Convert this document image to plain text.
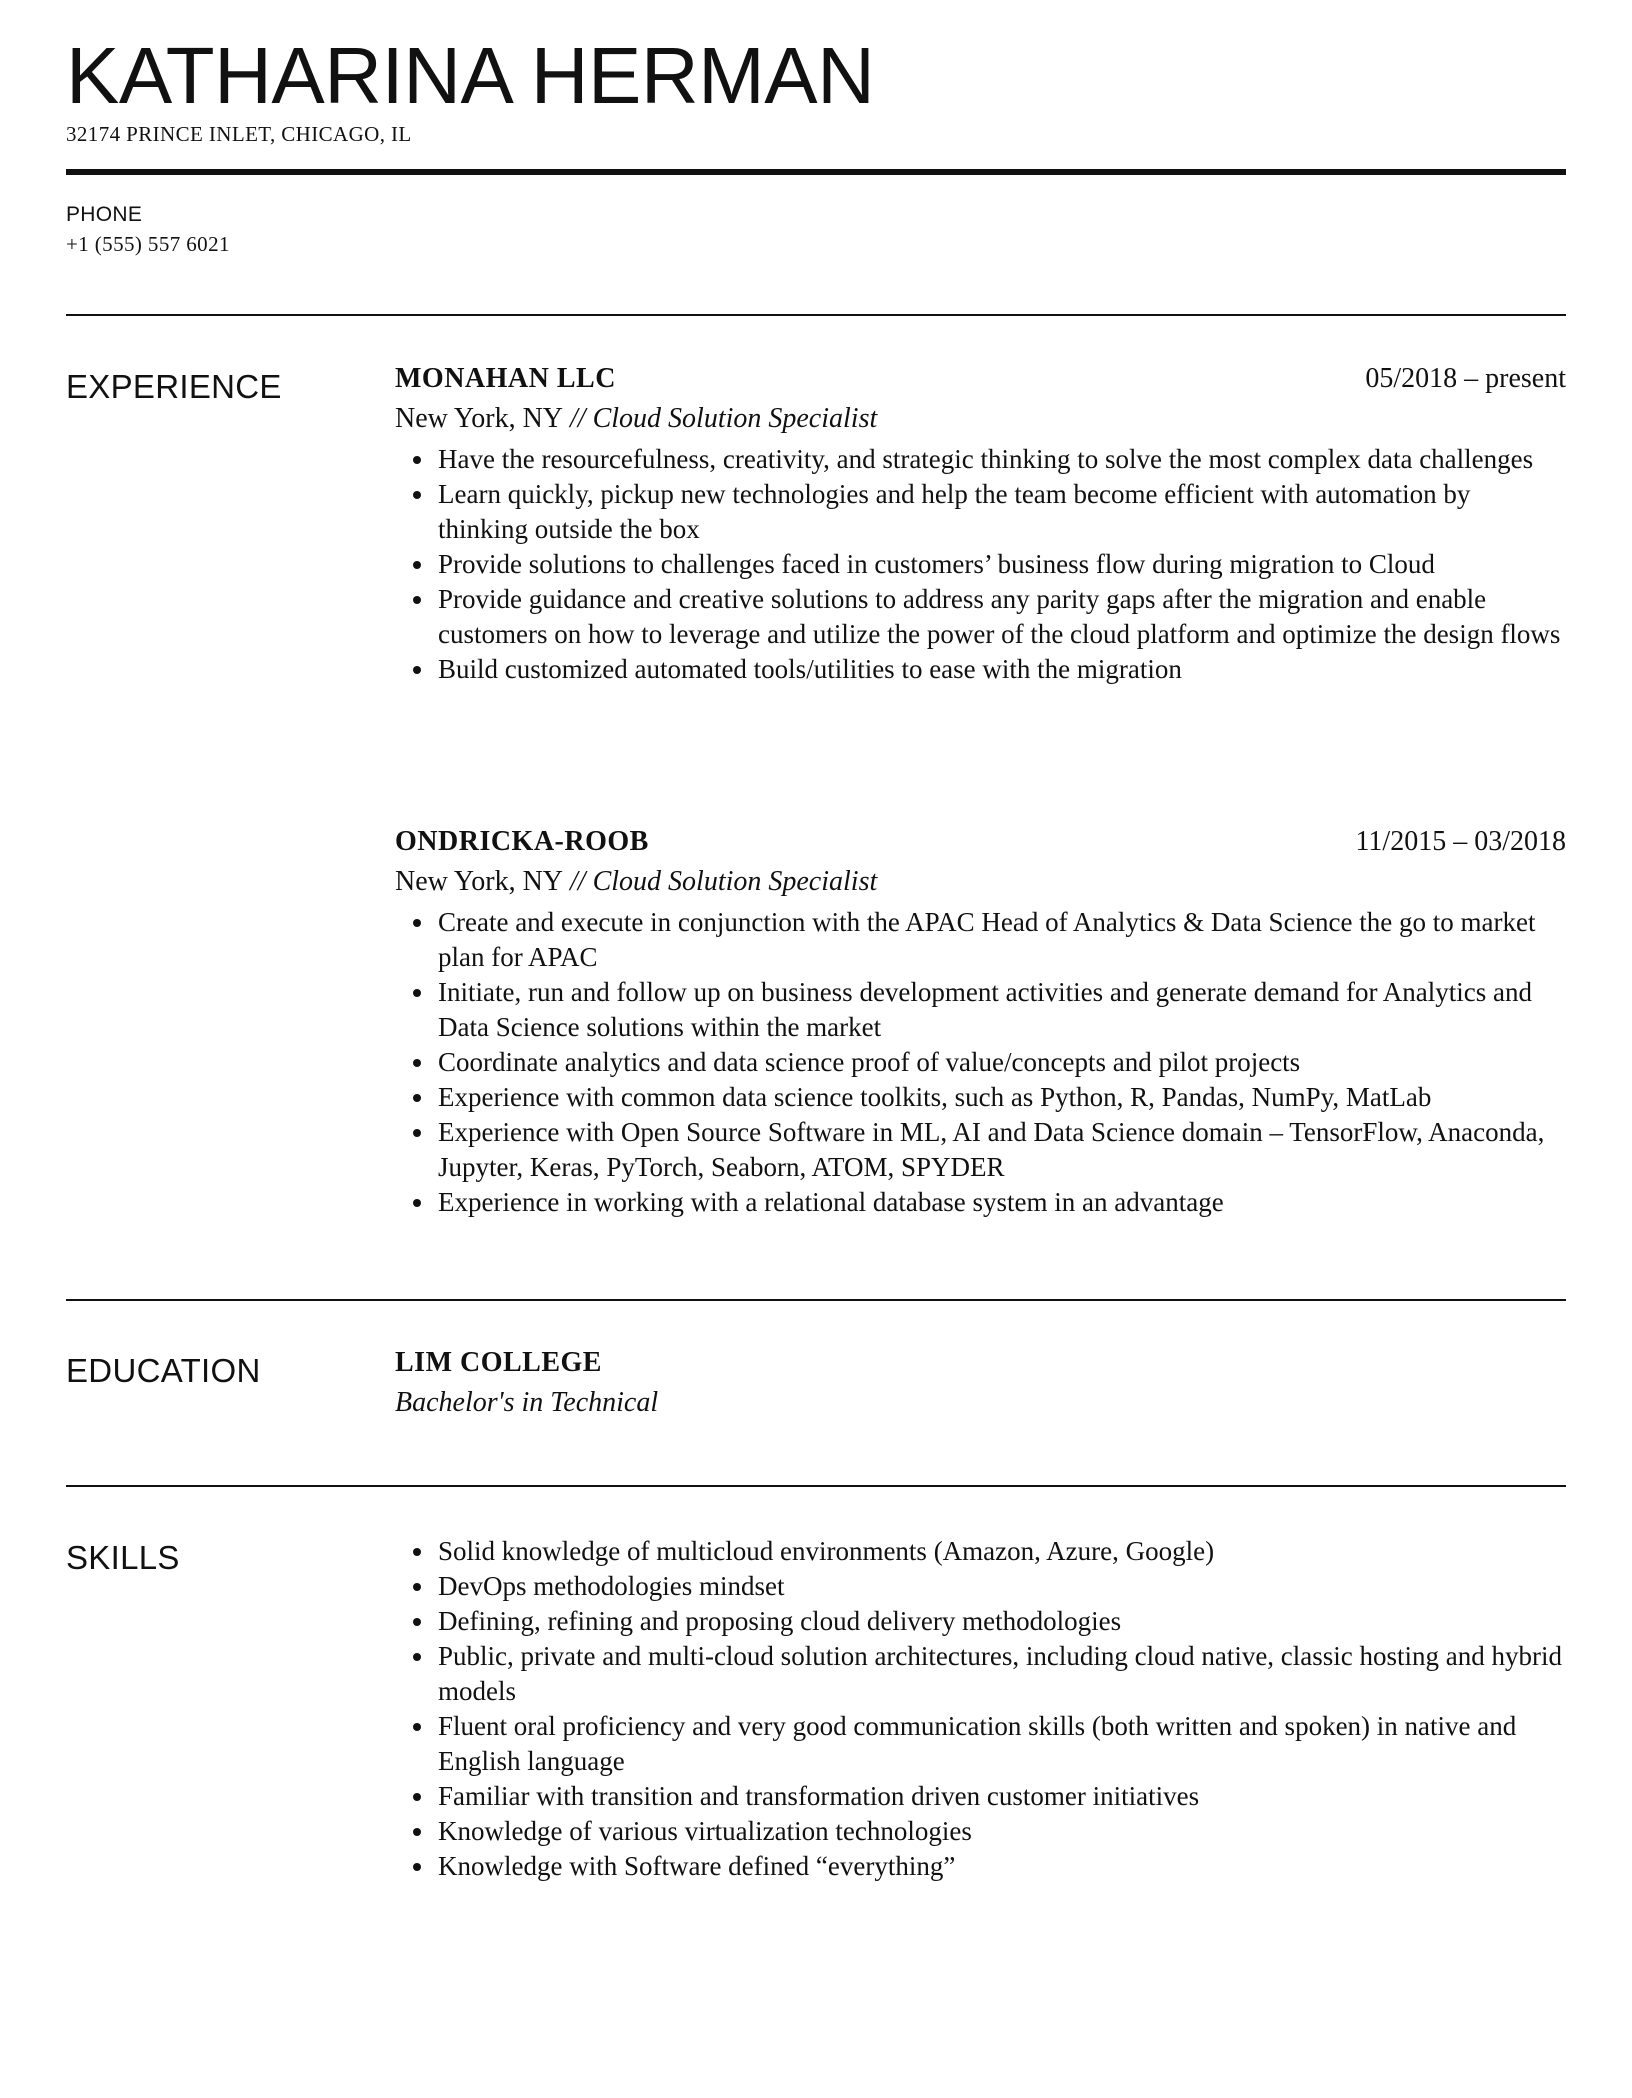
KATHARINA HERMAN
32174 PRINCE INLET, CHICAGO, IL
PHONE
+1 (555) 557 6021
EXPERIENCE	MONAHAN LLC	05/2018 – present
New York, NY // Cloud Solution Specialist
Have the resourcefulness, creativity, and strategic thinking to solve the most complex data challenges
Learn quickly, pickup new technologies and help the team become efficient with automation by thinking outside the box
Provide solutions to challenges faced in customers’ business flow during migration to Cloud
Provide guidance and creative solutions to address any parity gaps after the migration and enable customers on how to leverage and utilize the power of the cloud platform and optimize the design flows
Build customized automated tools/utilities to ease with the migration
ONDRICKA-ROOB	11/2015 – 03/2018
New York, NY // Cloud Solution Specialist
Create and execute in conjunction with the APAC Head of Analytics & Data Science the go to market plan for APAC
Initiate, run and follow up on business development activities and generate demand for Analytics and Data Science solutions within the market
Coordinate analytics and data science proof of value/concepts and pilot projects
Experience with common data science toolkits, such as Python, R, Pandas, NumPy, MatLab
Experience with Open Source Software in ML, AI and Data Science domain – TensorFlow, Anaconda, Jupyter, Keras, PyTorch, Seaborn, ATOM, SPYDER
Experience in working with a relational database system in an advantage
EDUCATION	LIM COLLEGE
Bachelor's in Technical
SKILLS	Solid knowledge of multicloud environments (Amazon, Azure, Google)
DevOps methodologies mindset
Defining, refining and proposing cloud delivery methodologies
Public, private and multi-cloud solution architectures, including cloud native, classic hosting and hybrid models
Fluent oral proficiency and very good communication skills (both written and spoken) in native and English language
Familiar with transition and transformation driven customer initiatives
Knowledge of various virtualization technologies
Knowledge with Software defined “everything”
